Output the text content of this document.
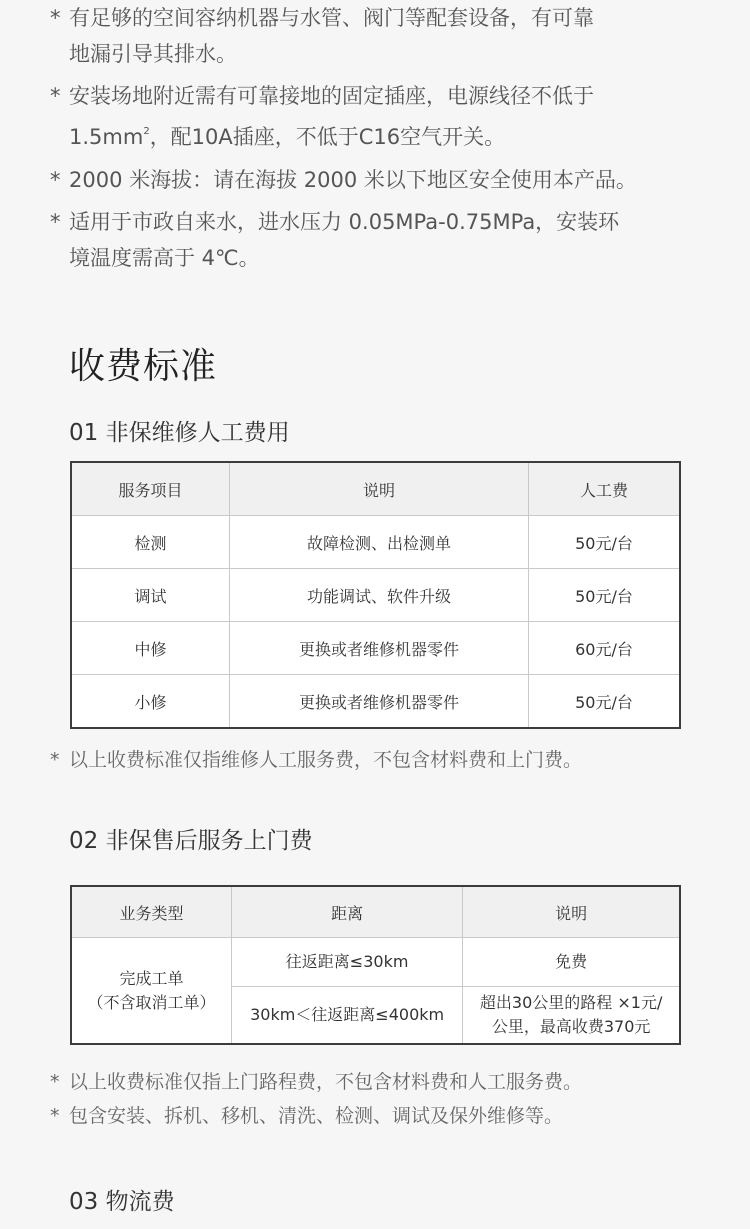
* 有足够的空间容纳机器与水管、阀门等配套设备，有可靠
地漏引导其排水。
* 安装场地附近需有可靠接地的固定插座，电源线径不低于
$1.5mm^2$，配10A插座，不低于C16空气开关。
* 2000 米海拔：请在海拔 2000 米以下地区安全使用本产品。
* 适用于市政自来水，进水压力 0.05MPa-0.75MPa，安装环
境温度需高于 4℃。
收费标准
01 非保维修人工费用
服务项目	说明	人工费
检测	故障检测、出检测单	50元/台
调试	功能调试、软件升级	50元/台
中修	更换或者维修机器零件	60元/台
小修	更换或者维修机器零件	50元/台
* 以上收费标准仅指维修人工服务费，不包含材料费和上门费。
02 非保售后服务上门费
业务类型	距离	说明

完成工单
（不含取消工单）	往返距离≤30km	免费
	30km＜往返距离≤400km	超出30公里的路程 ×1元/
公里，最高收费370元
* 以上收费标准仅指上门路程费，不包含材料费和人工服务费。
* 包含安装、拆机、移机、清洗、检测、调试及保外维修等。
03 物流费
